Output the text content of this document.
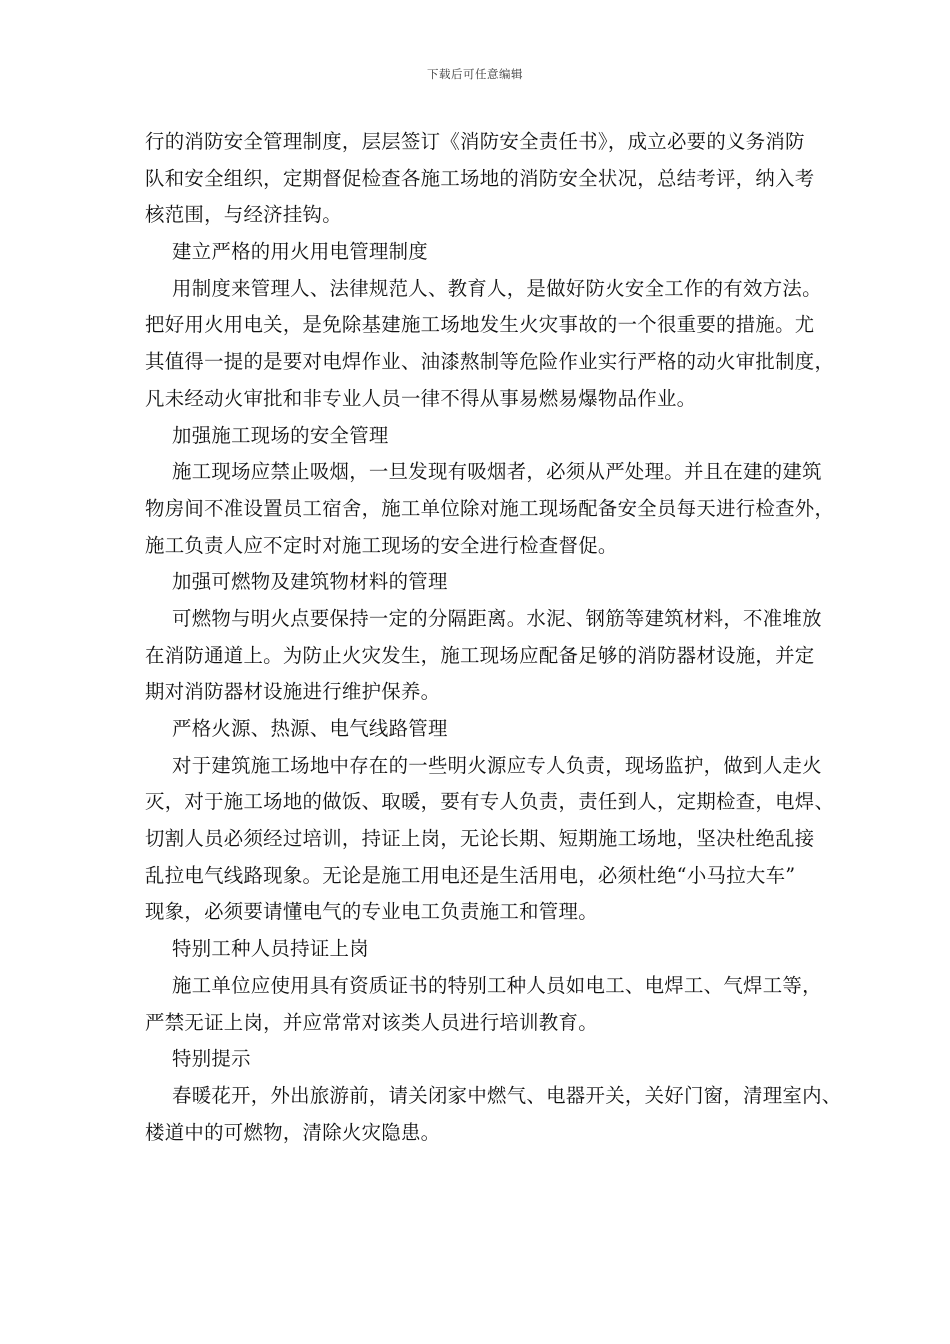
下载后可任意编辑
行的消防安全管理制度，层层签订《消防安全责任书》，成立必要的义务消防
队和安全组织，定期督促检查各施工场地的消防安全状况，总结考评，纳入考
核范围，与经济挂钩。
建立严格的用火用电管理制度
用制度来管理人、法律规范人、教育人，是做好防火安全工作的有效方法。
把好用火用电关，是免除基建施工场地发生火灾事故的一个很重要的措施。尤
其值得一提的是要对电焊作业、油漆熬制等危险作业实行严格的动火审批制度，
凡未经动火审批和非专业人员一律不得从事易燃易爆物品作业。
加强施工现场的安全管理
施工现场应禁止吸烟，一旦发现有吸烟者，必须从严处理。并且在建的建筑
物房间不准设置员工宿舍，施工单位除对施工现场配备安全员每天进行检查外，
施工负责人应不定时对施工现场的安全进行检查督促。
加强可燃物及建筑物材料的管理
可燃物与明火点要保持一定的分隔距离。水泥、钢筋等建筑材料，不准堆放
在消防通道上。为防止火灾发生，施工现场应配备足够的消防器材设施，并定
期对消防器材设施进行维护保养。
严格火源、热源、电气线路管理
对于建筑施工场地中存在的一些明火源应专人负责，现场监护，做到人走火
灭，对于施工场地的做饭、取暖，要有专人负责，责任到人，定期检查，电焊、
切割人员必须经过培训，持证上岗，无论长期、短期施工场地，坚决杜绝乱接
乱拉电气线路现象。无论是施工用电还是生活用电，必须杜绝“小马拉大车”
现象，必须要请懂电气的专业电工负责施工和管理。
特别工种人员持证上岗
施工单位应使用具有资质证书的特别工种人员如电工、电焊工、气焊工等，
严禁无证上岗，并应常常对该类人员进行培训教育。
特别提示
春暖花开，外出旅游前，请关闭家中燃气、电器开关，关好门窗，清理室内、
楼道中的可燃物，清除火灾隐患。
